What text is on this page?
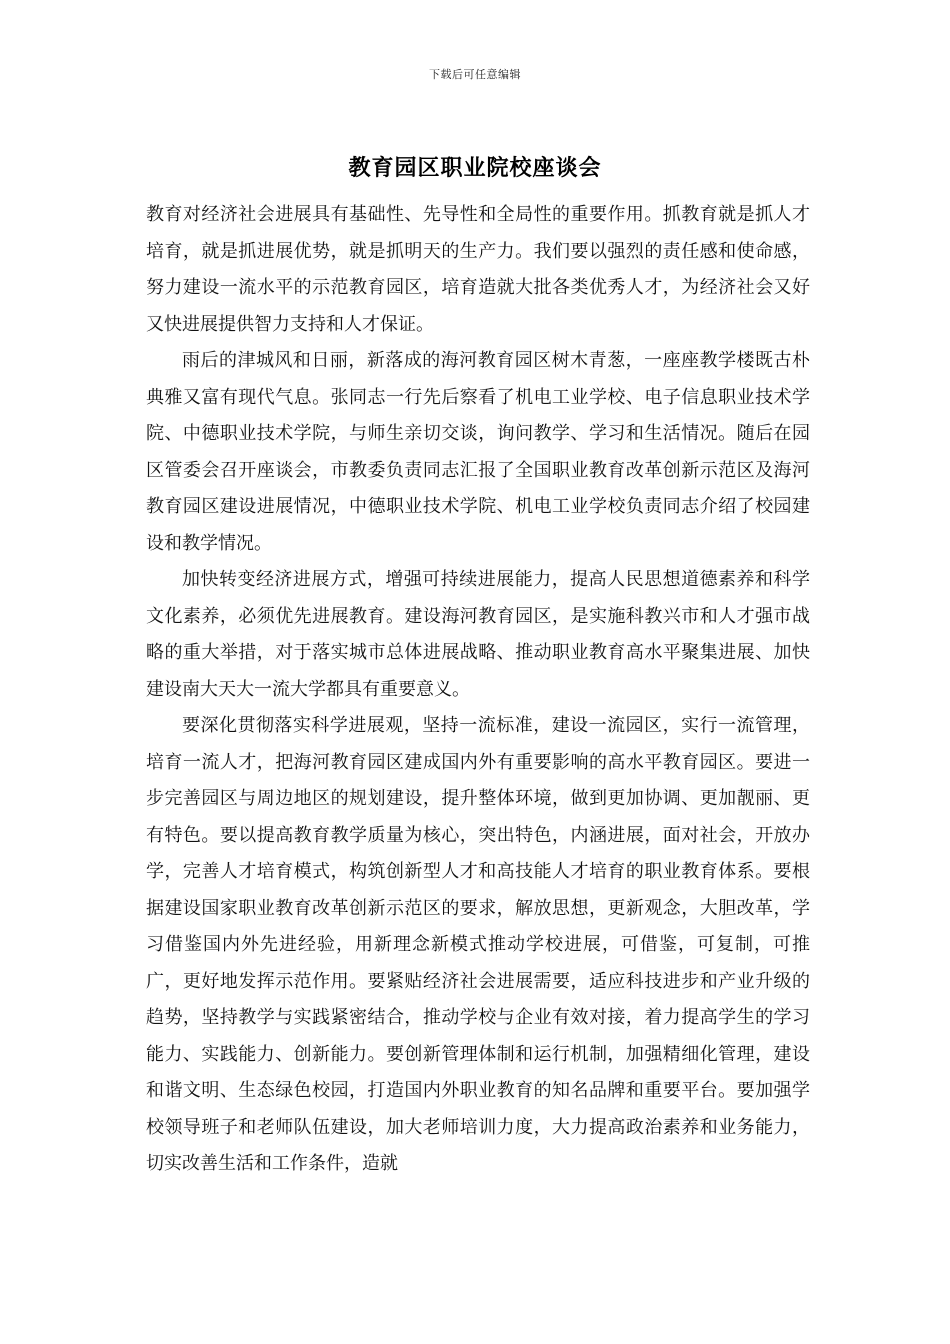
下载后可任意编辑
教育园区职业院校座谈会

教育对经济社会进展具有基础性、先导性和全局性的重要作用。抓教育就是抓人才培育，就是抓进展优势，就是抓明天的生产力。我们要以强烈的责任感和使命感，努力建设一流水平的示范教育园区，培育造就大批各类优秀人才，为经济社会又好又快进展提供智力支持和人才保证。

雨后的津城风和日丽，新落成的海河教育园区树木青葱，一座座教学楼既古朴典雅又富有现代气息。张同志一行先后察看了机电工业学校、电子信息职业技术学院、中德职业技术学院，与师生亲切交谈，询问教学、学习和生活情况。随后在园区管委会召开座谈会，市教委负责同志汇报了全国职业教育改革创新示范区及海河教育园区建设进展情况，中德职业技术学院、机电工业学校负责同志介绍了校园建设和教学情况。

加快转变经济进展方式，增强可持续进展能力，提高人民思想道德素养和科学文化素养，必须优先进展教育。建设海河教育园区，是实施科教兴市和人才强市战略的重大举措，对于落实城市总体进展战略、推动职业教育高水平聚集进展、加快建设南大天大一流大学都具有重要意义。

要深化贯彻落实科学进展观，坚持一流标准，建设一流园区，实行一流管理，培育一流人才，把海河教育园区建成国内外有重要影响的高水平教育园区。要进一步完善园区与周边地区的规划建设，提升整体环境，做到更加协调、更加靓丽、更有特色。要以提高教育教学质量为核心，突出特色，内涵进展，面对社会，开放办学，完善人才培育模式，构筑创新型人才和高技能人才培育的职业教育体系。要根据建设国家职业教育改革创新示范区的要求，解放思想，更新观念，大胆改革，学习借鉴国内外先进经验，用新理念新模式推动学校进展，可借鉴，可复制，可推广，更好地发挥示范作用。要紧贴经济社会进展需要，适应科技进步和产业升级的趋势，坚持教学与实践紧密结合，推动学校与企业有效对接，着力提高学生的学习能力、实践能力、创新能力。要创新管理体制和运行机制，加强精细化管理，建设和谐文明、生态绿色校园，打造国内外职业教育的知名品牌和重要平台。要加强学校领导班子和老师队伍建设，加大老师培训力度，大力提高政治素养和业务能力，切实改善生活和工作条件，造就
